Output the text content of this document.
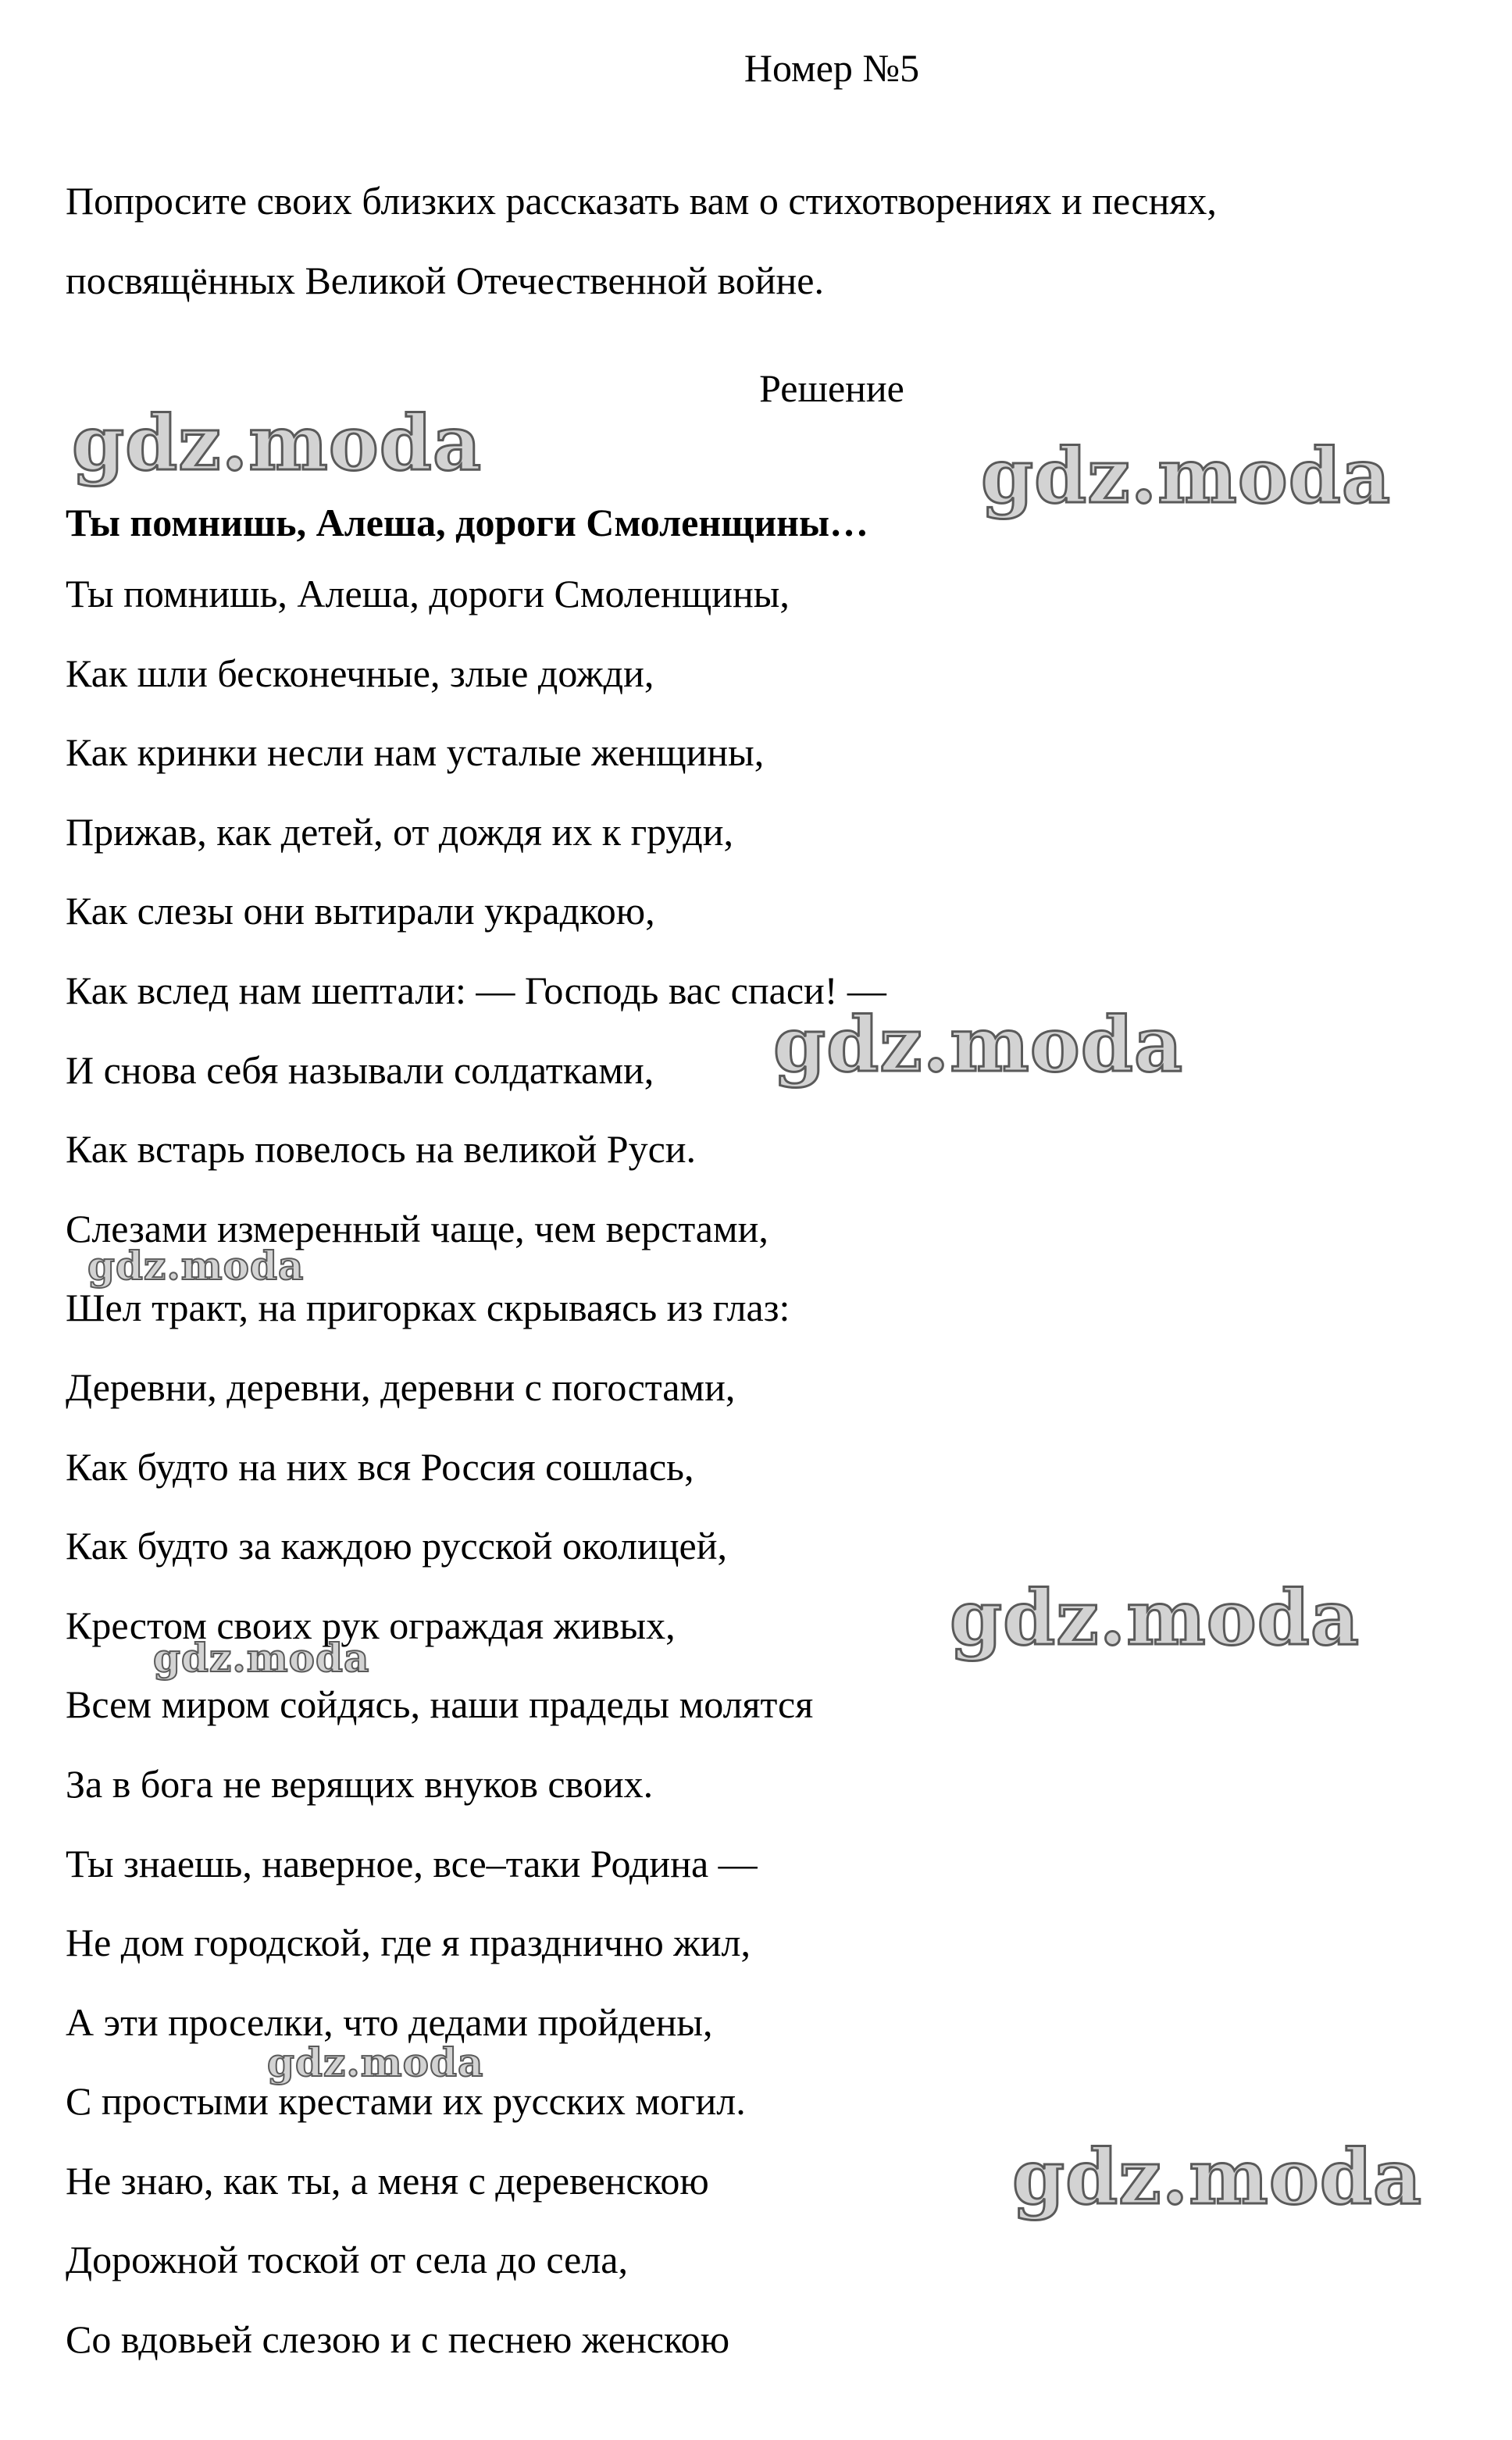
Номер №5

Попросите своих близких рассказать вам о стихотворениях и песнях,

посвящённых Великой Отечественной войне.

Решение
Ты помнишь, Алеша, дороги Смоленщины…
Ты помнишь, Алеша, дороги Смоленщины,
Как шли бесконечные, злые дожди,
Как кринки несли нам усталые женщины,
Прижав, как детей, от дождя их к груди,
Как слезы они вытирали украдкою,
Как вслед нам шептали: — Господь вас спаси! —
И снова себя называли солдатками,
Как встарь повелось на великой Руси.
Слезами измеренный чаще, чем верстами,
Шел тракт, на пригорках скрываясь из глаз:
Деревни, деревни, деревни с погостами,
Как будто на них вся Россия сошлась,
Как будто за каждою русской околицей,
Крестом своих рук ограждая живых,
Всем миром сойдясь, наши прадеды молятся
За в бога не верящих внуков своих.
Ты знаешь, наверное, все–таки Родина —
Не дом городской, где я празднично жил,
А эти проселки, что дедами пройдены,
С простыми крестами их русских могил.
Не знаю, как ты, а меня с деревенскою
Дорожной тоской от села до села,
Со вдовьей слезою и с песнею женскою
gdz.moda	gdz.moda
gdz.moda
gdz.moda
gdz.moda
gdz.moda
gdz.moda
gdz.moda
